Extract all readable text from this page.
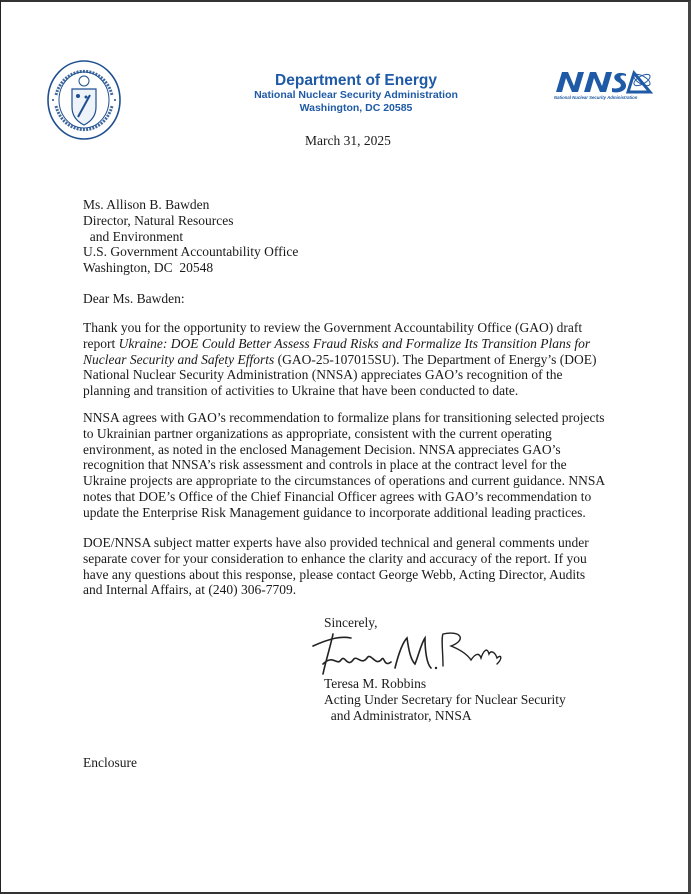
Department of Energy
National Nuclear Security Administration
Washington, DC 20585
National Nuclear Security Administration
March 31, 2025
Ms. Allison B. Bawden
Director, Natural Resources
and Environment
U.S. Government Accountability Office
Washington, DC  20548
Dear Ms. Bawden:
Thank you for the opportunity to review the Government Accountability Office (GAO) draft
report Ukraine: DOE Could Better Assess Fraud Risks and Formalize Its Transition Plans for
Nuclear Security and Safety Efforts (GAO-25-107015SU). The Department of Energy’s (DOE)
National Nuclear Security Administration (NNSA) appreciates GAO’s recognition of the
planning and transition of activities to Ukraine that have been conducted to date.
NNSA agrees with GAO’s recommendation to formalize plans for transitioning selected projects
to Ukrainian partner organizations as appropriate, consistent with the current operating
environment, as noted in the enclosed Management Decision. NNSA appreciates GAO’s
recognition that NNSA’s risk assessment and controls in place at the contract level for the
Ukraine projects are appropriate to the circumstances of operations and current guidance. NNSA
notes that DOE’s Office of the Chief Financial Officer agrees with GAO’s recommendation to
update the Enterprise Risk Management guidance to incorporate additional leading practices.
DOE/NNSA subject matter experts have also provided technical and general comments under
separate cover for your consideration to enhance the clarity and accuracy of the report. If you
have any questions about this response, please contact George Webb, Acting Director, Audits
and Internal Affairs, at (240) 306-7709.
Sincerely,
Teresa M. Robbins
Acting Under Secretary for Nuclear Security
and Administrator, NNSA
Enclosure
